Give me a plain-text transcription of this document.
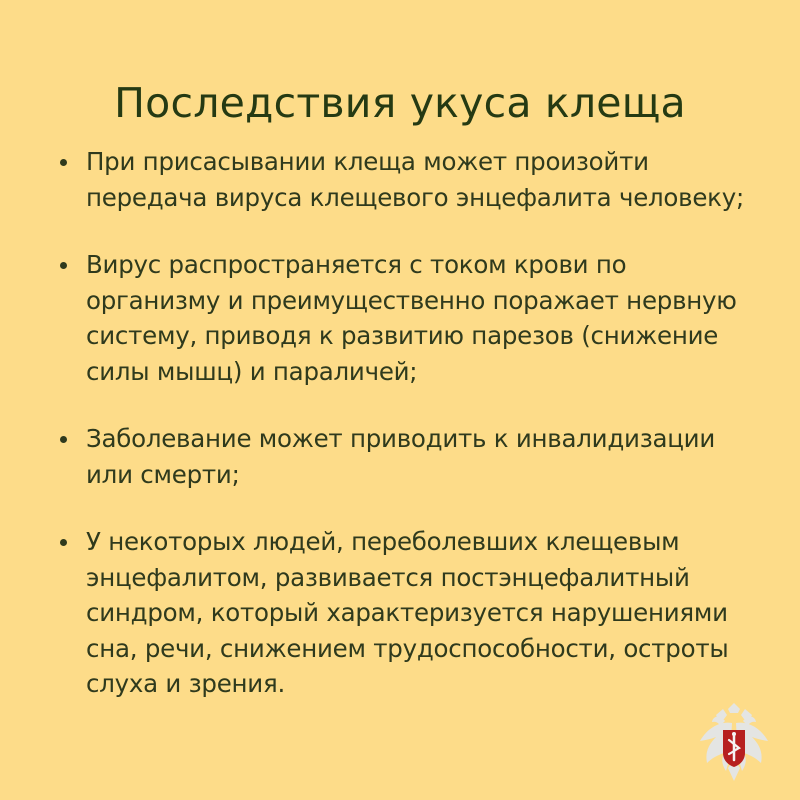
Последствия укуса клеща
При присасывании клеща может произойти
передача вируса клещевого энцефалита человеку;
Вирус распространяется с током крови по
организму и преимущественно поражает нервную
систему, приводя к развитию парезов (снижение
силы мышц) и параличей;
Заболевание может приводить к инвалидизации
или смерти;
У некоторых людей, переболевших клещевым
энцефалитом, развивается постэнцефалитный
синдром, который характеризуется нарушениями
сна, речи, снижением трудоспособности, остроты
слуха и зрения.
